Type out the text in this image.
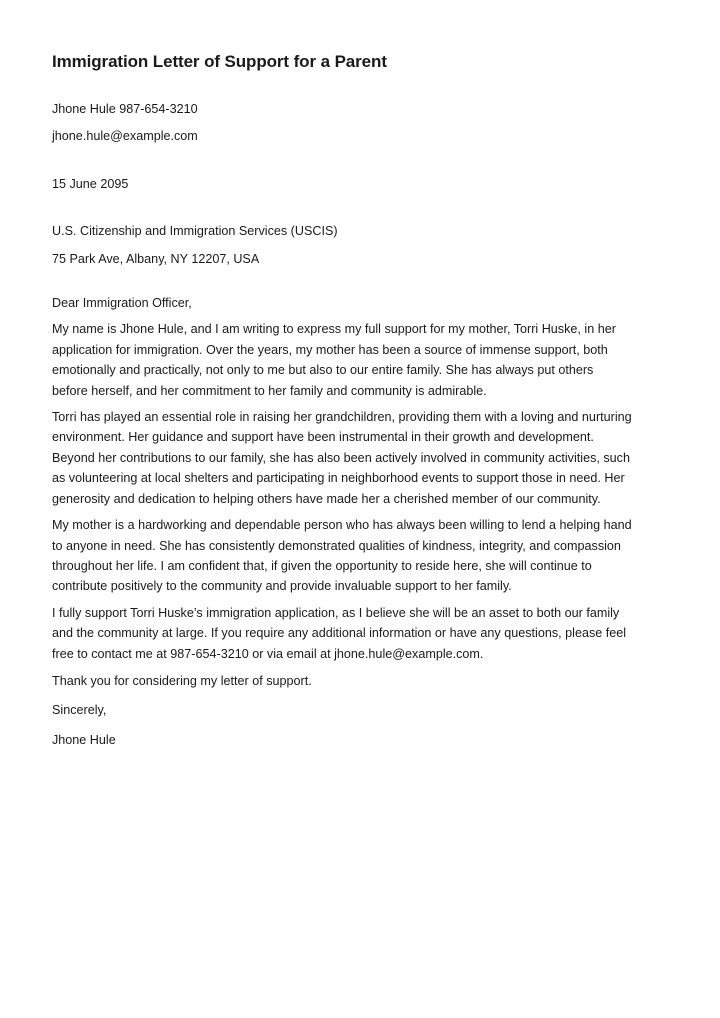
Immigration Letter of Support for a Parent

Jhone Hule 987-654-3210

jhone.hule@example.com

15 June 2095

U.S. Citizenship and Immigration Services (USCIS)

75 Park Ave, Albany, NY 12207, USA

Dear Immigration Officer,

My name is Jhone Hule, and I am writing to express my full support for my mother, Torri Huske, in her
application for immigration. Over the years, my mother has been a source of immense support, both
emotionally and practically, not only to me but also to our entire family. She has always put others
before herself, and her commitment to her family and community is admirable.
Torri has played an essential role in raising her grandchildren, providing them with a loving and nurturing
environment. Her guidance and support have been instrumental in their growth and development.
Beyond her contributions to our family, she has also been actively involved in community activities, such
as volunteering at local shelters and participating in neighborhood events to support those in need. Her
generosity and dedication to helping others have made her a cherished member of our community.
My mother is a hardworking and dependable person who has always been willing to lend a helping hand
to anyone in need. She has consistently demonstrated qualities of kindness, integrity, and compassion
throughout her life. I am confident that, if given the opportunity to reside here, she will continue to
contribute positively to the community and provide invaluable support to her family.
I fully support Torri Huske’s immigration application, as I believe she will be an asset to both our family
and the community at large. If you require any additional information or have any questions, please feel
free to contact me at 987-654-3210 or via email at jhone.hule@example.com.

Thank you for considering my letter of support.

Sincerely,

Jhone Hule
